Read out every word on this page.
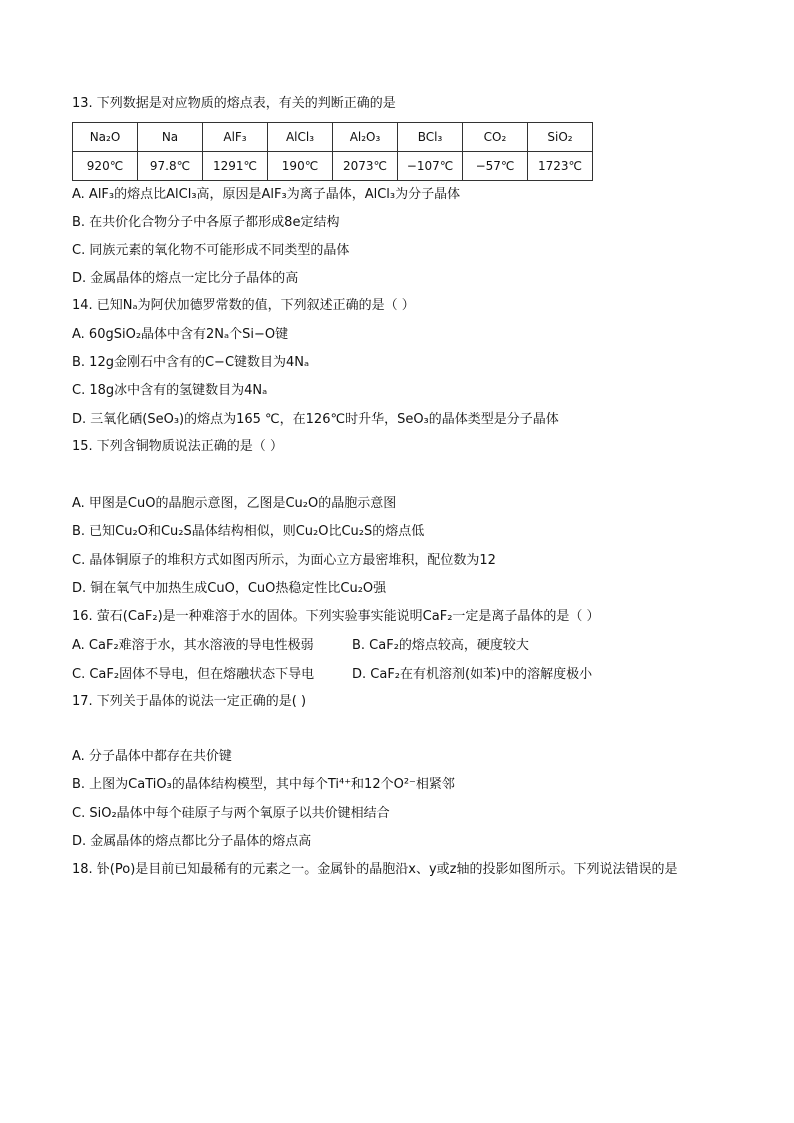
13. 下列数据是对应物质的熔点表，有关的判断正确的是
Na₂O	Na	AlF₃	AlCl₃	Al₂O₃	BCl₃	CO₂	SiO₂
920℃	97.8℃	1291℃	190℃	2073℃	−107℃	−57℃	1723℃
A. AlF₃的熔点比AlCl₃高，原因是AlF₃为离子晶体，AlCl₃为分子晶体
B. 在共价化合物分子中各原子都形成8e定结构
C. 同族元素的氧化物不可能形成不同类型的晶体
D. 金属晶体的熔点一定比分子晶体的高
14. 已知Nₐ为阿伏加德罗常数的值，下列叙述正确的是（ ）
A. 60gSiO₂晶体中含有2Nₐ个Si−O键
B. 12g金刚石中含有的C−C键数目为4Nₐ
C. 18g冰中含有的氢键数目为4Nₐ
D. 三氧化硒(SeO₃)的熔点为165 ℃，在126℃时升华，SeO₃的晶体类型是分子晶体
15. 下列含铜物质说法正确的是（ ）
A. 甲图是CuO的晶胞示意图，乙图是Cu₂O的晶胞示意图
B. 已知Cu₂O和Cu₂S晶体结构相似，则Cu₂O比Cu₂S的熔点低
C. 晶体铜原子的堆积方式如图丙所示，为面心立方最密堆积，配位数为12
D. 铜在氧气中加热生成CuO，CuO热稳定性比Cu₂O强
16. 萤石(CaF₂)是一种难溶于水的固体。下列实验事实能说明CaF₂一定是离子晶体的是（ ）
A. CaF₂难溶于水，其水溶液的导电性极弱	B. CaF₂的熔点较高，硬度较大
C. CaF₂固体不导电，但在熔融状态下导电	D. CaF₂在有机溶剂(如苯)中的溶解度极小
17. 下列关于晶体的说法一定正确的是( )
A. 分子晶体中都存在共价键
B. 上图为CaTiO₃的晶体结构模型，其中每个Ti⁴⁺和12个O²⁻相紧邻
C. SiO₂晶体中每个硅原子与两个氧原子以共价键相结合
D. 金属晶体的熔点都比分子晶体的熔点高
18. 钋(Po)是目前已知最稀有的元素之一。金属钋的晶胞沿x、y或z轴的投影如图所示。下列说法错误的是
